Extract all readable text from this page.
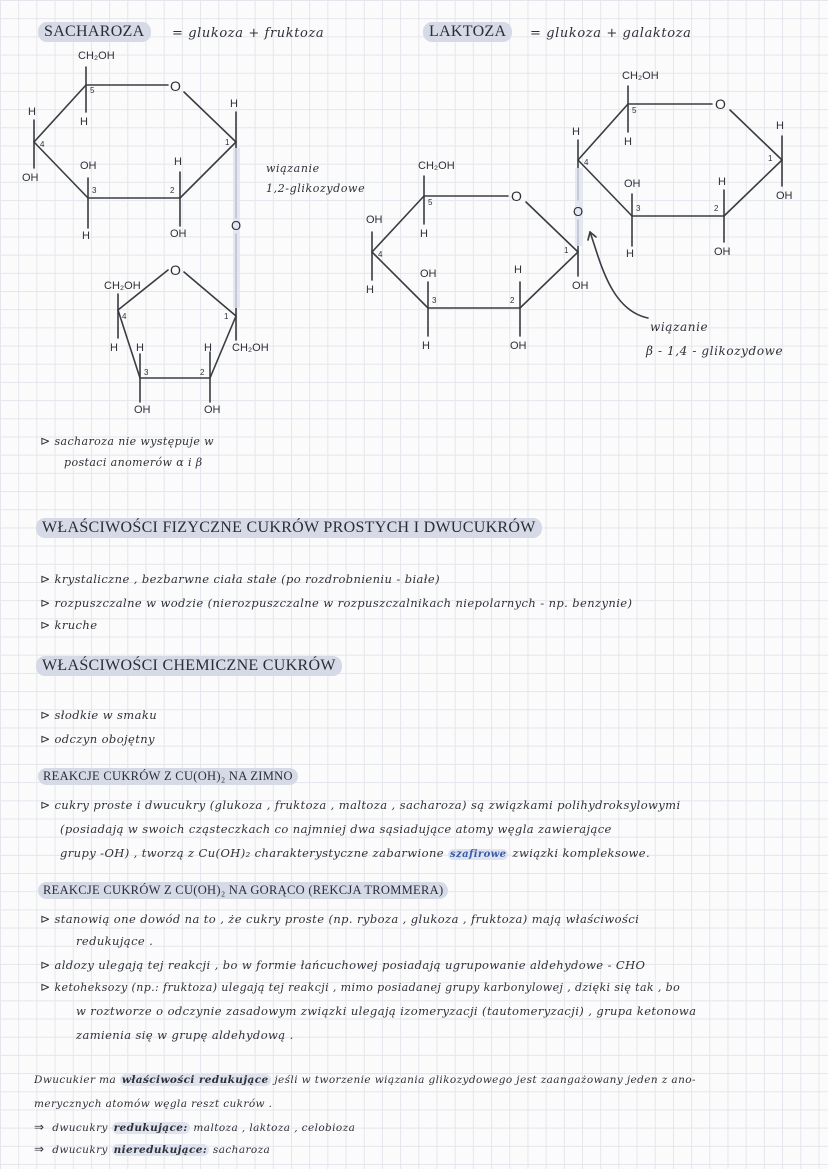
SACHAROZA	= glukoza + fruktoza	LAKTOZA	= glukoza + galaktoza
CH₂OH
O
5
H
H
1
H
4
OH
OH	H
3	2
H	OH
O
wiązanie
1,2-glikozydowe
CH₂OH
O
4	1
H H	H CH₂OH
3	2
OH	OH
⊳ sacharoza nie występuje w
postaci anomerów α i β
CH₂OH
O
5
H
H
4
H
1
OH
OH	H
3	2
H	OH
O
CH₂OH
O
5
H
OH
4
H
1
OH
OH	H
3	2
H	OH
wiązanie
β - 1,4 - glikozydowe
WŁAŚCIWOŚCI FIZYCZNE CUKRÓW PROSTYCH I DWUCUKRÓW
⊳ krystaliczne , bezbarwne ciała stałe (po rozdrobnieniu - białe)
⊳ rozpuszczalne w wodzie (nierozpuszczalne w rozpuszczalnikach niepolarnych - np. benzynie)
⊳ kruche
WŁAŚCIWOŚCI CHEMICZNE CUKRÓW
⊳ słodkie w smaku
⊳ odczyn obojętny
REAKCJE CUKRÓW Z CU(OH)₂ NA ZIMNO
⊳ cukry proste i dwucukry (glukoza , fruktoza , maltoza , sacharoza) są związkami polihydroksylowymi
(posiadają w swoich cząsteczkach co najmniej dwa sąsiadujące atomy węgla zawierające
grupy -OH) , tworzą z Cu(OH)₂ charakterystyczne zabarwione szafirowe związki kompleksowe.
REAKCJE CUKRÓW Z CU(OH)₂ NA GORĄCO (REKCJA TROMMERA)
⊳ stanowią one dowód na to , że cukry proste (np. ryboza , glukoza , fruktoza) mają właściwości
redukujące .
⊳ aldozy ulegają tej reakcji , bo w formie łańcuchowej posiadają ugrupowanie aldehydowe - CHO
⊳ ketoheksozy (np.: fruktoza) ulegają tej reakcji , mimo posiadanej grupy karbonylowej , dzięki się tak , bo
w roztworze o odczynie zasadowym związki ulegają izomeryzacji (tautomeryzacji) , grupa ketonowa
zamienia się w grupę aldehydową .
Dwucukier ma właściwości redukujące jeśli w tworzenie wiązania glikozydowego jest zaangażowany jeden z ano-
merycznych atomów węgla reszt cukrów .
⇒ dwucukry redukujące: maltoza , laktoza , celobioza
⇒ dwucukry nieredukujące: sacharoza
